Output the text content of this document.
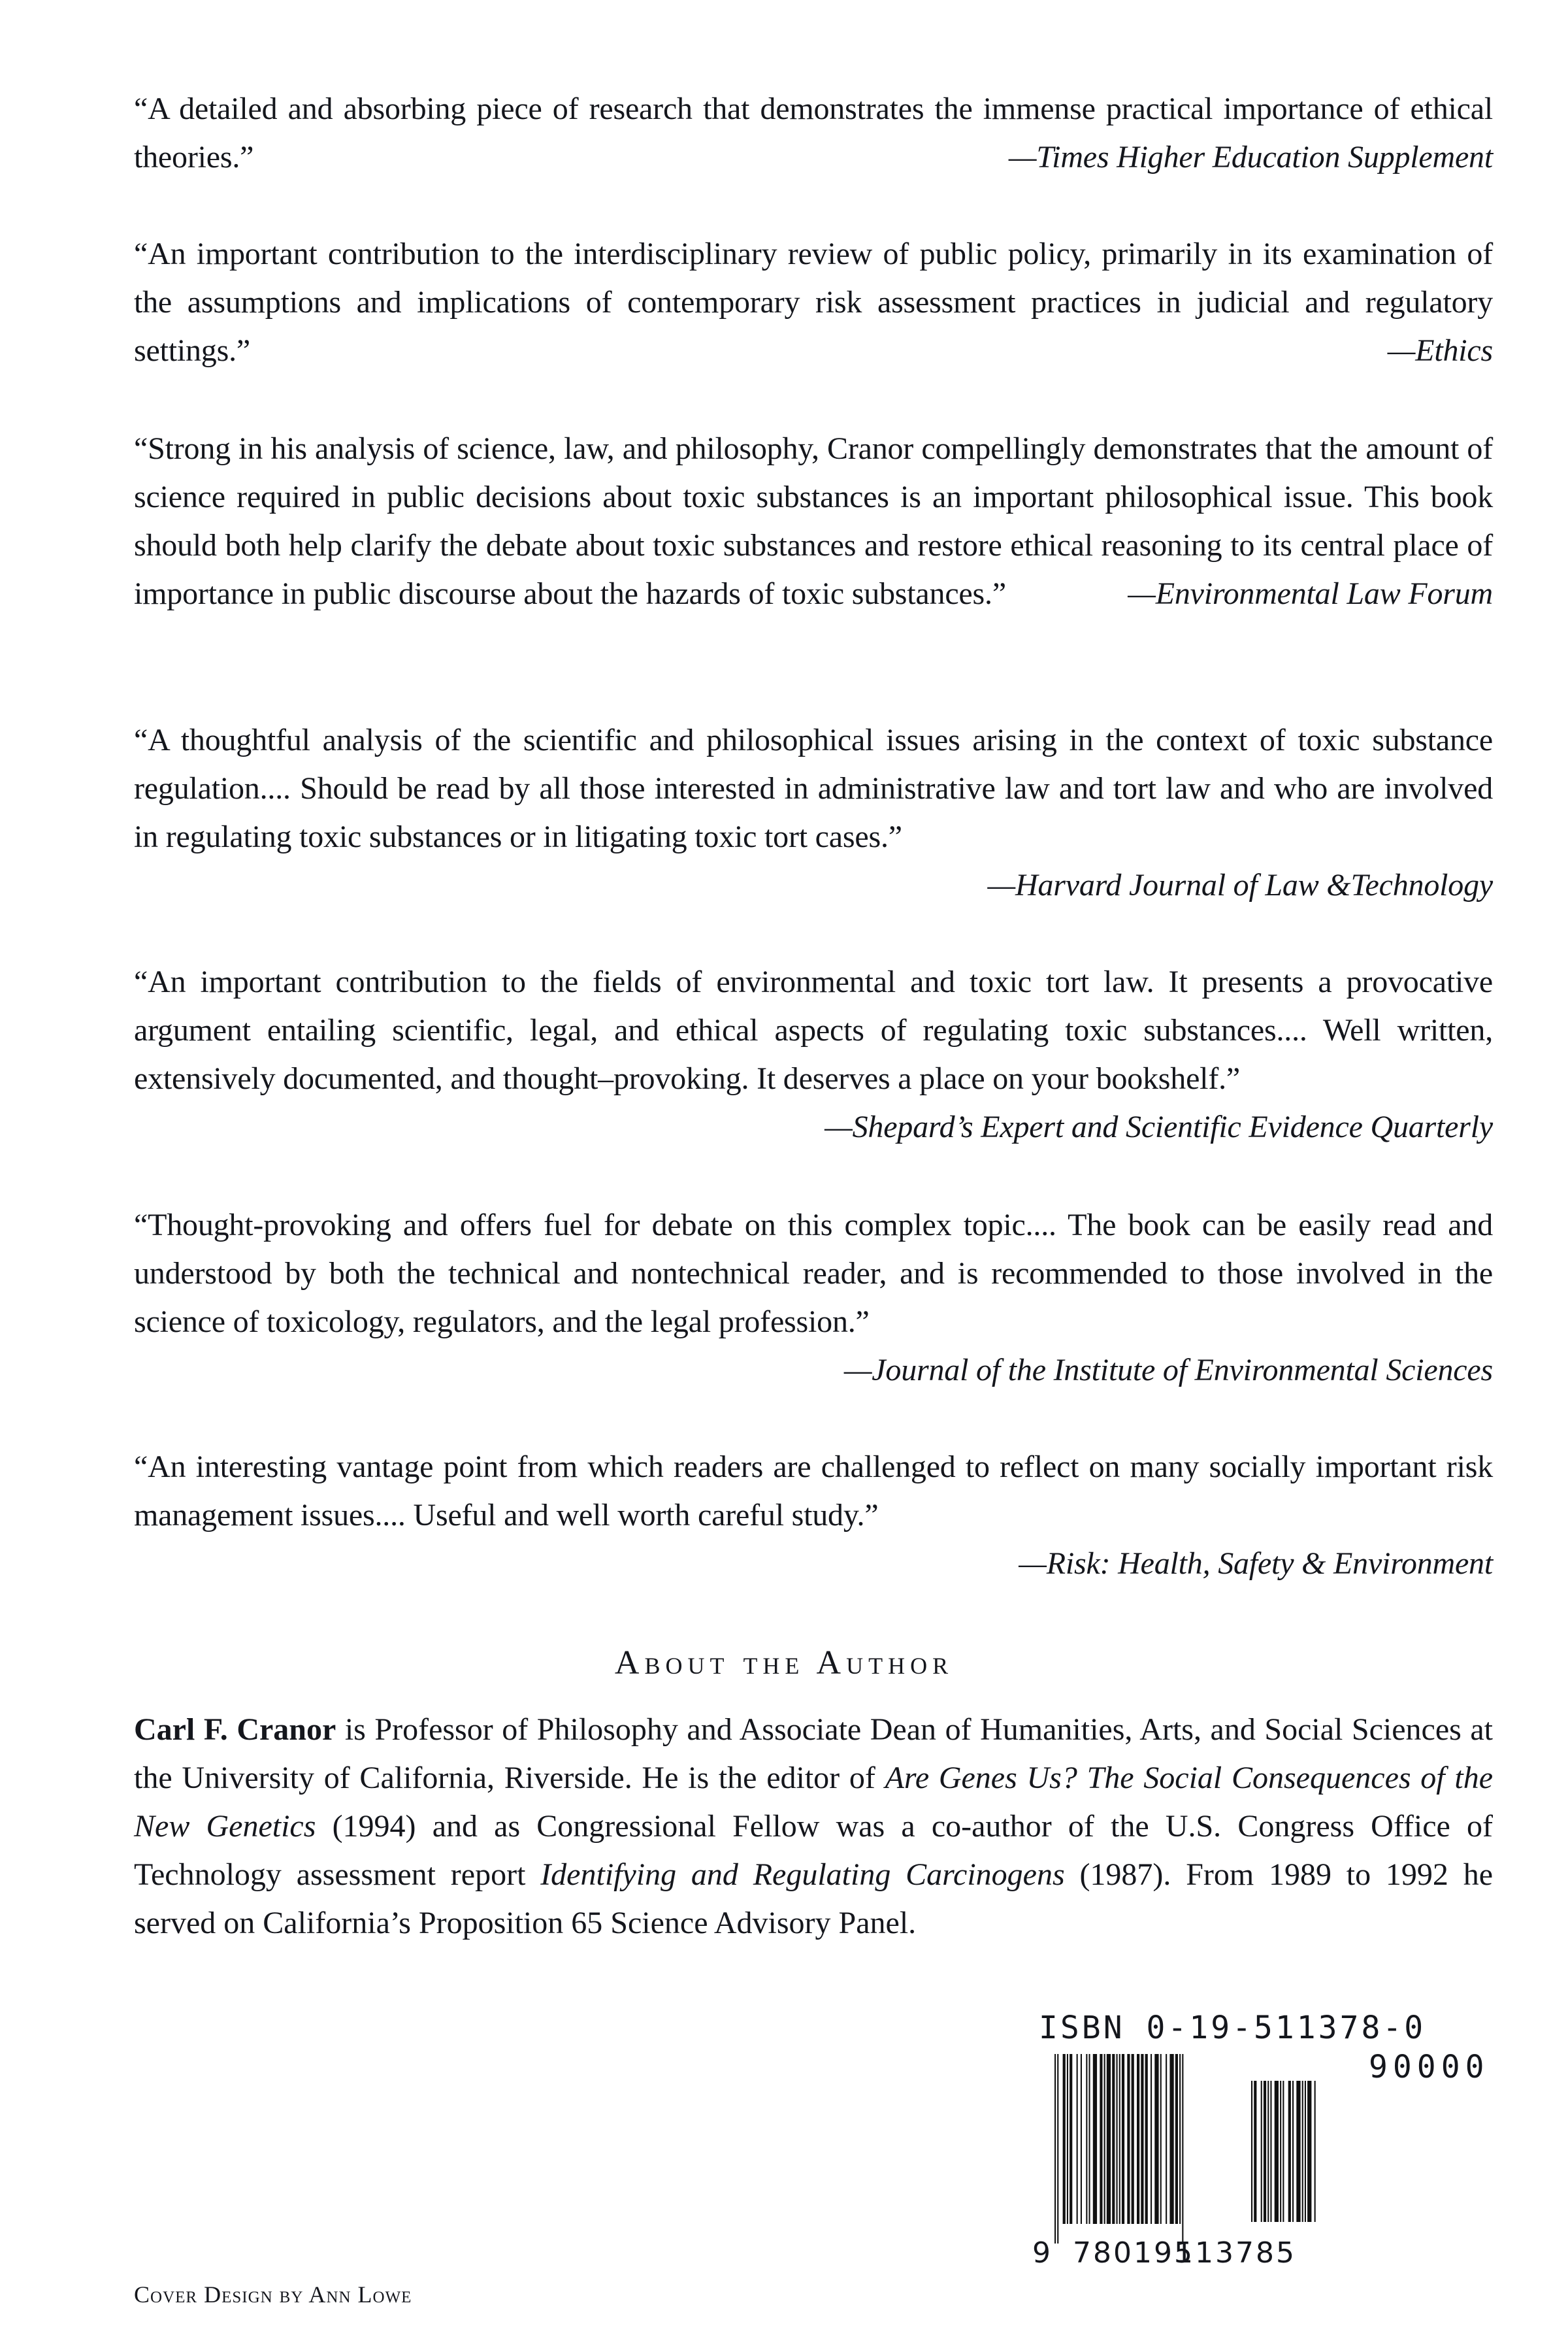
“A detailed and absorbing piece of research that demonstrates the immense practical importance of ethical theories.”	—Times Higher Education Supplement
“An important contribution to the interdisciplinary review of public policy, primarily in its examination of the assumptions and implications of contemporary risk assessment practices in judicial and regulatory settings.”	—Ethics
“Strong in his analysis of science, law, and philosophy, Cranor compellingly demonstrates that the amount of science required in public decisions about toxic substances is an important philosophical issue. This book should both help clarify the debate about toxic substances and restore ethical reasoning to its central place of importance in public discourse about the hazards of toxic substances.”	—Environmental Law Forum
“A thoughtful analysis of the scientific and philosophical issues arising in the context of toxic substance regulation.... Should be read by all those interested in administrative law and tort law and who are involved in regulating toxic substances or in litigating toxic tort cases.”
—Harvard Journal of Law &Technology
“An important contribution to the fields of environmental and toxic tort law. It presents a provocative argument entailing scientific, legal, and ethical aspects of regulating toxic substances.... Well written, extensively documented, and thought–provoking. It deserves a place on your bookshelf.”
—Shepard’s Expert and Scientific Evidence Quarterly
“Thought-provoking and offers fuel for debate on this complex topic.... The book can be easily read and understood by both the technical and nontechnical reader, and is recommended to those involved in the science of toxicology, regulators, and the legal profession.”
—Journal of the Institute of Environmental Sciences
“An interesting vantage point from which readers are challenged to reflect on many socially important risk management issues.... Useful and well worth careful study.”
—Risk: Health, Safety & Environment
About the Author
Carl F. Cranor is Professor of Philosophy and Associate Dean of Humanities, Arts, and Social Sciences at the University of California, Riverside. He is the editor of Are Genes Us? The Social Consequences of the New Genetics (1994) and as Congressional Fellow was a co-author of the U.S. Congress Office of Technology assessment report Identifying and Regulating Carcinogens (1987). From 1989 to 1992 he served on California’s Proposition 65 Science Advisory Panel.
ISBN 0-19-511378-0
90000
9 780195113785
Cover Design by Ann Lowe
